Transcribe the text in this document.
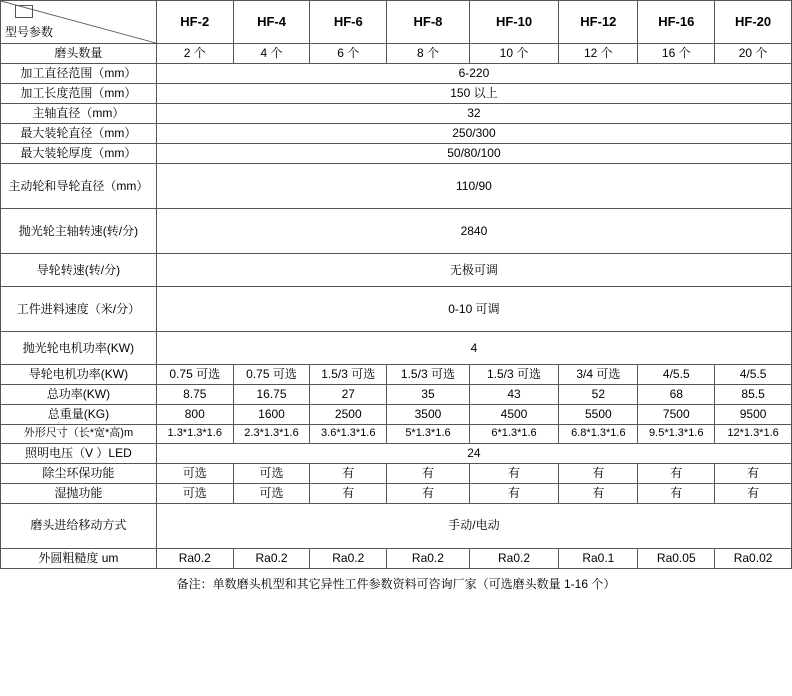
型号参数	HF-2	HF-4	HF-6	HF-8	HF-10	HF-12	HF-16	HF-20
磨头数量	2 个	4 个	6 个	8 个	10 个	12 个	16 个	20 个
加工直径范围（mm）	6-220							
加工长度范围（mm）	150 以上							
主轴直径（mm）	32							
最大装轮直径（mm）	250/300							
最大装轮厚度（mm）	50/80/100							
主动轮和导轮直径（mm）	110/90							
抛光轮主轴转速(转/分)	2840							
导轮转速(转/分)	无极可调							
工件进料速度（米/分）	0-10 可调							
抛光轮电机功率(KW)	4							
导轮电机功率(KW)	0.75 可选	0.75 可选	1.5/3 可选	1.5/3 可选	1.5/3 可选	3/4 可选	4/5.5	4/5.5
总功率(KW)	8.75	16.75	27	35	43	52	68	85.5
总重量(KG)	800	1600	2500	3500	4500	5500	7500	9500
外形尺寸（长*宽*高)m	1.3*1.3*1.6	2.3*1.3*1.6	3.6*1.3*1.6	5*1.3*1.6	6*1.3*1.6	6.8*1.3*1.6	9.5*1.3*1.6	12*1.3*1.6
照明电压（V ）LED	24							
除尘环保功能	可选	可选	有	有	有	有	有	有
湿抛功能	可选	可选	有	有	有	有	有	有
磨头进给移动方式	手动/电动							
外圆粗糙度 um	Ra0.2	Ra0.2	Ra0.2	Ra0.2	Ra0.2	Ra0.1	Ra0.05	Ra0.02
备注：单数磨头机型和其它异性工件参数资料可咨询厂家（可选磨头数量 1-16 个）
